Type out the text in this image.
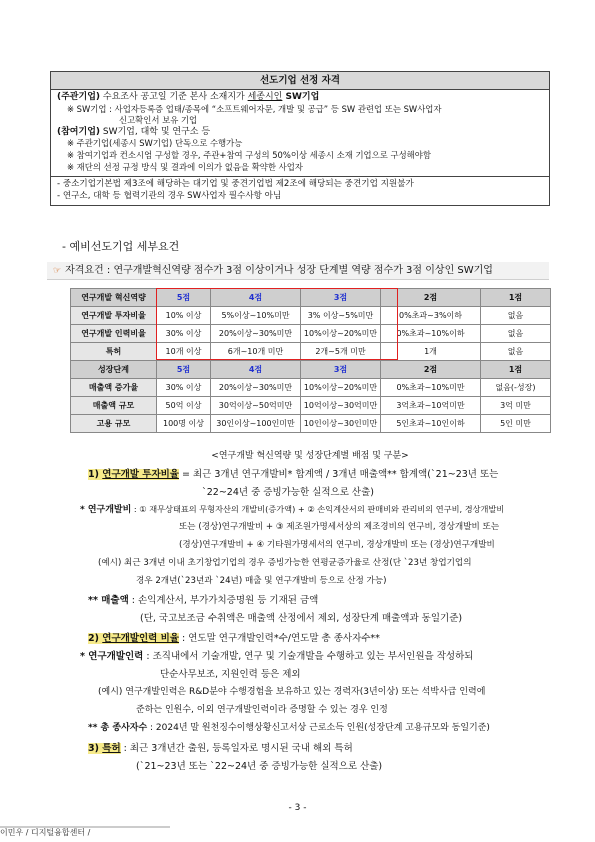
선도기업 선정 자격
(주관기업) 수요조사 공고일 기준 본사 소재지가 세종시인 SW기업
※ SW기업 : 사업자등록증 업태/종목에 “소프트웨어자문, 개발 및 공급” 등 SW 관련업 또는 SW사업자
신고확인서 보유 기업
(참여기업) SW기업, 대학 및 연구소 등
※ 주관기업(세종시 SW기업) 단독으로 수행가능
※ 참여기업과 컨소시엄 구성할 경우, 주관+참여 구성의 50%이상 세종시 소재 기업으로 구성해야함
※ 재단의 선정 규정 방식 및 결과에 이의가 없음을 확약한 사업자
- 중소기업기본법 제3조에 해당하는 대기업 및 중견기업법 제2조에 해당되는 중견기업 지원불가
- 연구소, 대학 등 협력기관의 경우 SW사업자 필수사항 아님
- 예비선도기업 세부요건
☞ 자격요건 : 연구개발혁신역량 점수가 3점 이상이거나 성장 단계별 역량 점수가 3점 이상인 SW기업
연구개발 혁신역량	5점	4점	3점	2점	1점
연구개발 투자비율	10% 이상	5%이상~10%미만	3% 이상~5%미만	0%초과~3%이하	없음
연구개발 인력비율	30% 이상	20%이상~30%미만	10%이상~20%미만	0%초과~10%이하	없음
특허	10개 이상	6개~10개 미만	2개~5개 미만	1개	없음
성장단계	5점	4점	3점	2점	1점
매출액 증가율	30% 이상	20%이상~30%미만	10%이상~20%미만	0%초과~10%미만	없음(-성장)
매출액 규모	50억 이상	30억이상~50억미만	10억이상~30억미만	3억초과~10억미만	3억 미만
고용 규모	100명 이상	30인이상~100인미만	10인이상~30인미만	5인초과~10인이하	5인 미만
<연구개발 혁신역량 및 성장단계별 배점 및 구분>
1) 연구개발 투자비율 = 최근 3개년 연구개발비* 합계액 / 3개년 매출액** 합계액(`21~23년 또는
`22~24년 중 증빙가능한 실적으로 산출)
* 연구개발비 : ① 재무상태표의 무형자산의 개발비(증가액) + ② 손익계산서의 판매비와 관리비의 연구비, 경상개발비
또는 (경상)연구개발비 + ③ 제조원가명세서상의 제조경비의 연구비, 경상개발비 또는
(경상)연구개발비 + ④ 기타원가명세서의 연구비, 경상개발비 또는 (경상)연구개발비
(예시) 최근 3개년 이내 초기창업기업의 경우 증빙가능한 연평균증가율로 산정(단 `23년 창업기업의
경우 2개년(`23년과 `24년) 매출 및 연구개발비 등으로 산정 가능)
** 매출액 : 손익계산서, 부가가치증명원 등 기재된 금액
(단, 국고보조금 수취액은 매출액 산정에서 제외, 성장단계 매출액과 동일기준)
2) 연구개발인력 비율 : 연도말 연구개발인력*수/연도말 총 종사자수**
* 연구개발인력 : 조직내에서 기술개발, 연구 및 기술개발을 수행하고 있는 부서인원을 작성하되
단순사무보조, 지원인력 등은 제외
(예시) 연구개발인력은 R&D분야 수행경험을 보유하고 있는 경력자(3년이상) 또는 석박사급 인력에
준하는 인원수, 이외 연구개발인력이라 증명할 수 있는 경우 인정
** 총 종사자수 : 2024년 말 원천징수이행상황신고서상 근로소득 인원(성장단계 고용규모와 동일기준)
3) 특허 : 최근 3개년간 출원, 등록일자로 명시된 국내 해외 특허
(`21~23년 또는 `22~24년 중 증빙가능한 실적으로 산출)
- 3 -
이민우 / 디지털융합센터 /
